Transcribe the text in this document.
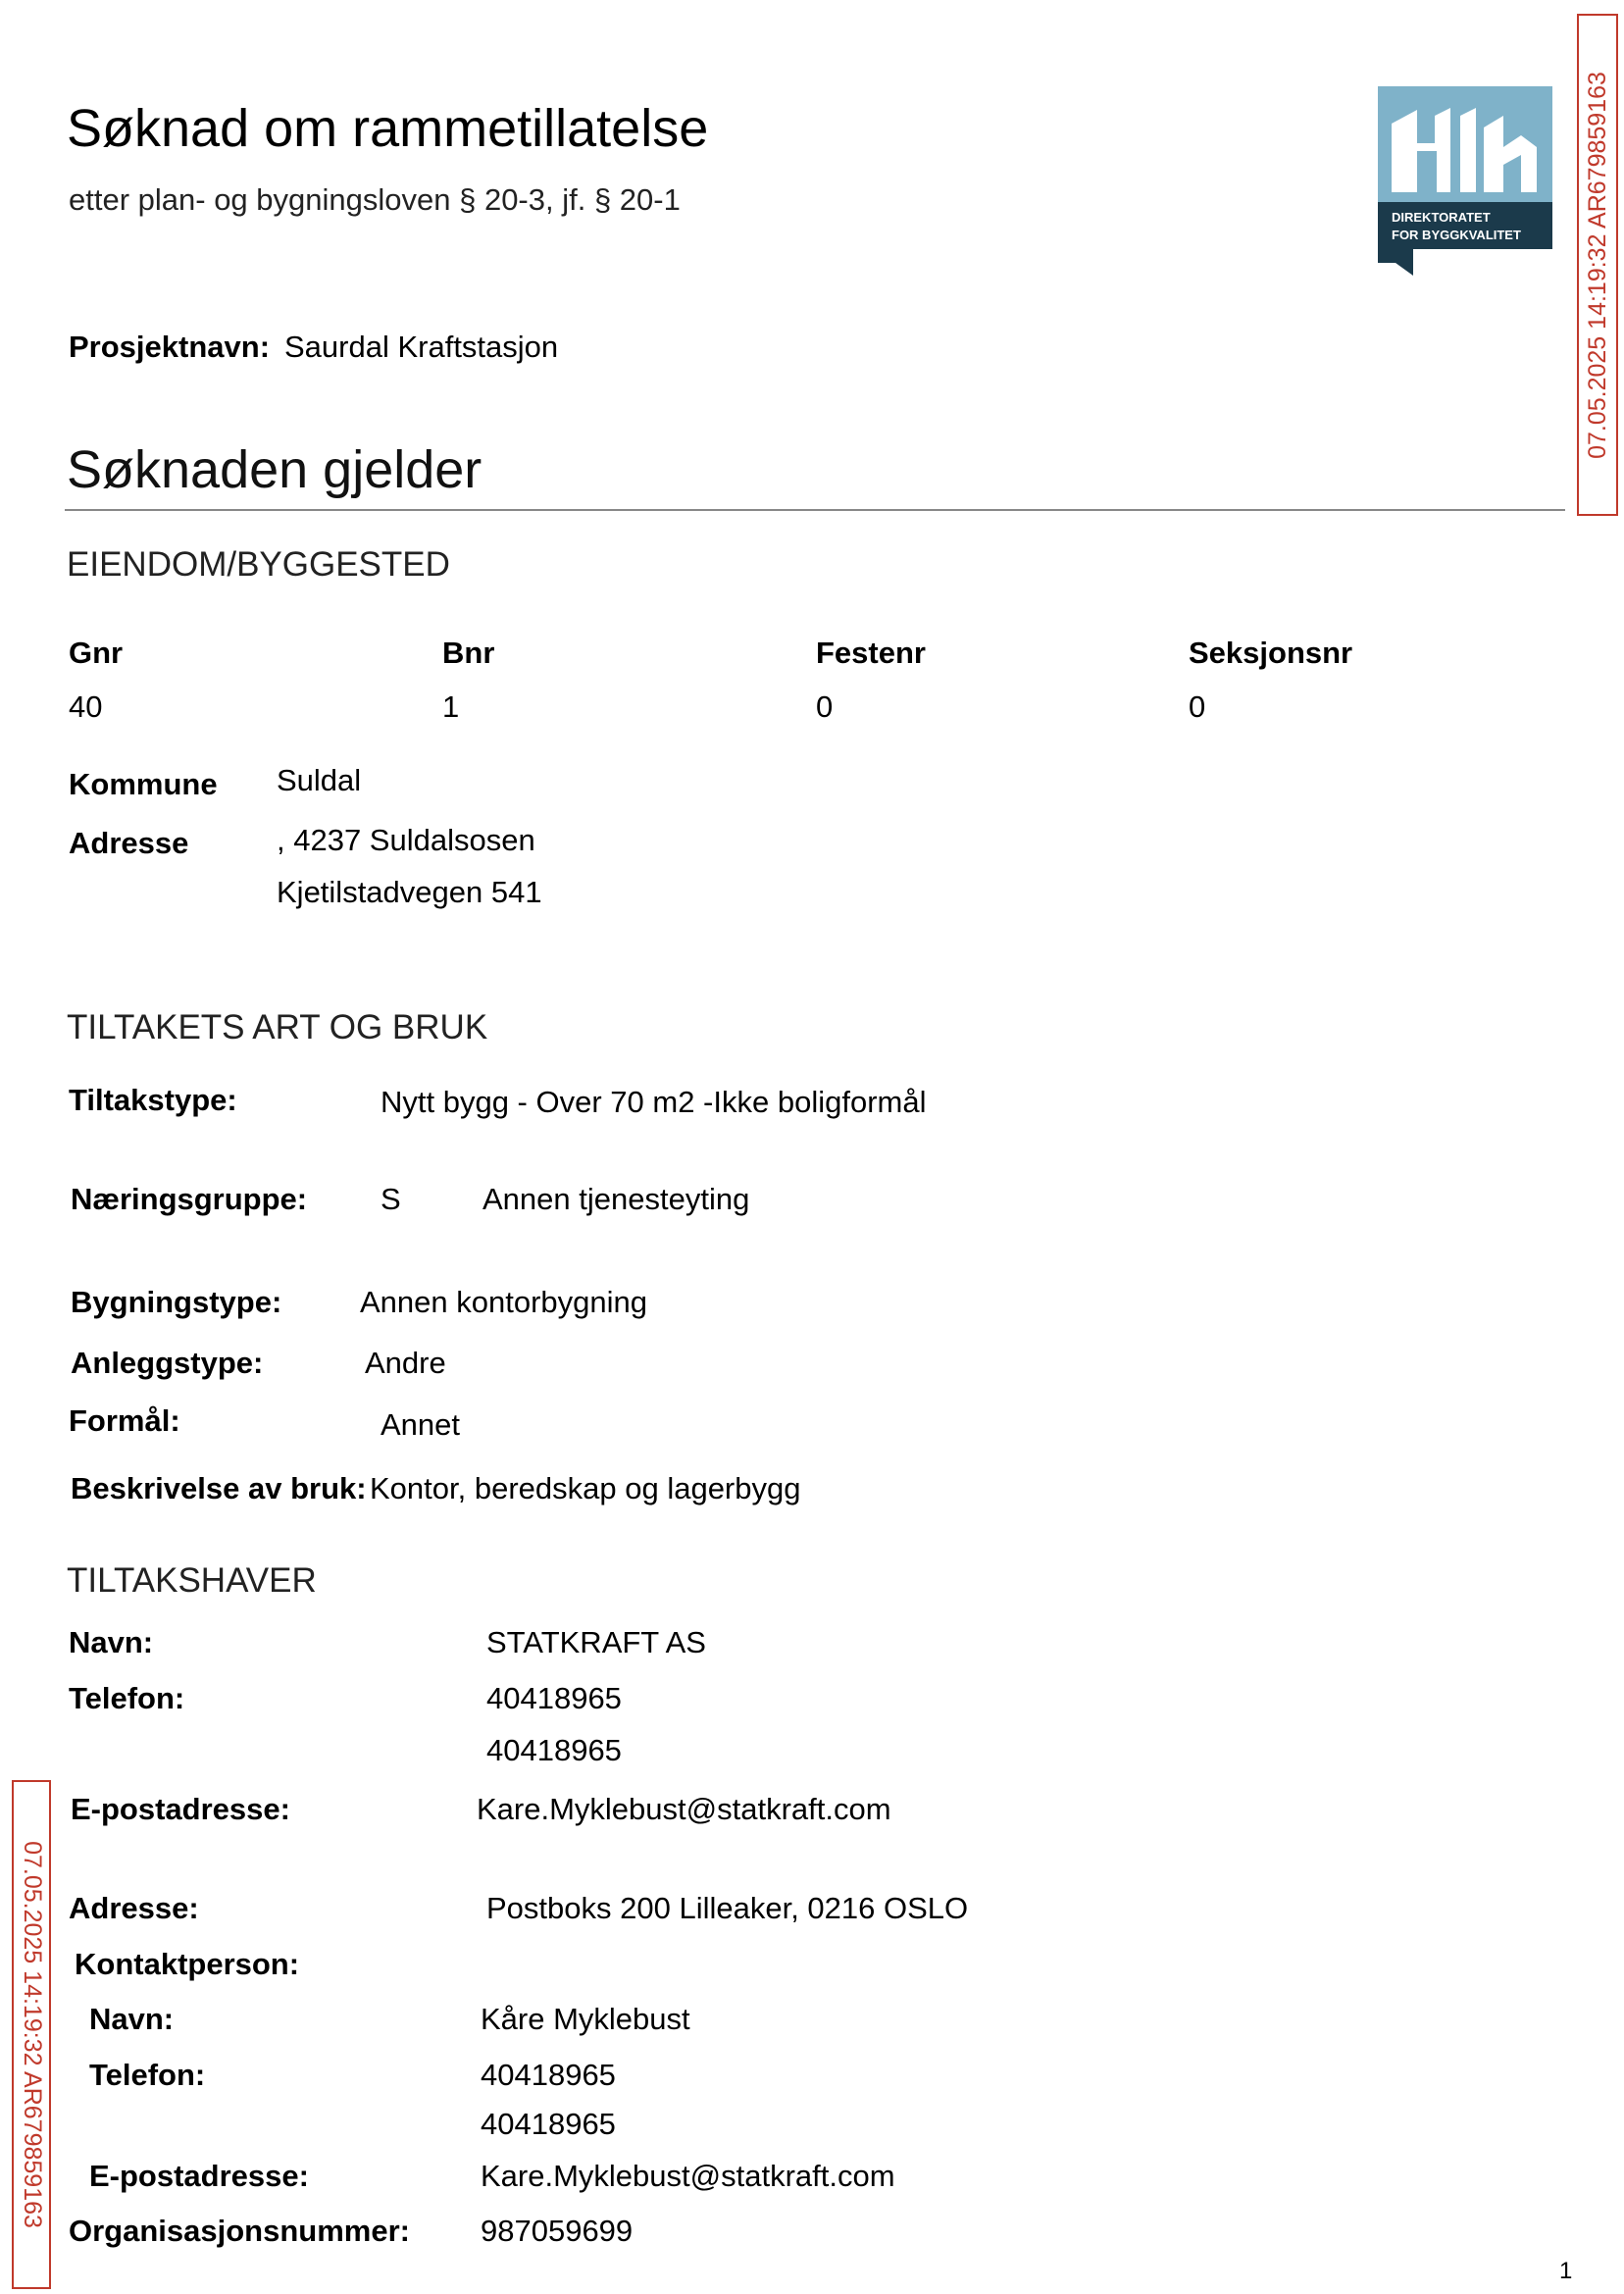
Søknad om rammetillatelse
etter plan- og bygningsloven § 20-3, jf. § 20-1
DIREKTORATET
FOR BYGGKVALITET
Prosjektnavn: Saurdal Kraftstasjon
Søknaden gjelder
EIENDOM/BYGGESTED
Gnr	Bnr	Festenr	Seksjonsnr
40	1	0	0
Kommune Suldal
Adresse	, 4237 Suldalsosen
Kjetilstadvegen 541
TILTAKETS ART OG BRUK
Tiltakstype:	Nytt bygg - Over 70 m2 -Ikke boligformål
Næringsgruppe: S	Annen tjenesteyting
Bygningstype:	Annen kontorbygning
Anleggstype:	Andre
Formål:	Annet
Beskrivelse av bruk: Kontor, beredskap og lagerbygg
TILTAKSHAVER
Navn:	STATKRAFT AS
Telefon:	40418965
40418965
E-postadresse:	Kare.Myklebust@statkraft.com
Adresse:	Postboks 200 Lilleaker, 0216 OSLO
Kontaktperson:
Navn:	Kåre Myklebust
Telefon:	40418965
40418965
E-postadresse:	Kare.Myklebust@statkraft.com
Organisasjonsnummer: 987059699
07.05.2025 14:19:32 AR679859163
07.05.2025 14:19:32 AR679859163
1
